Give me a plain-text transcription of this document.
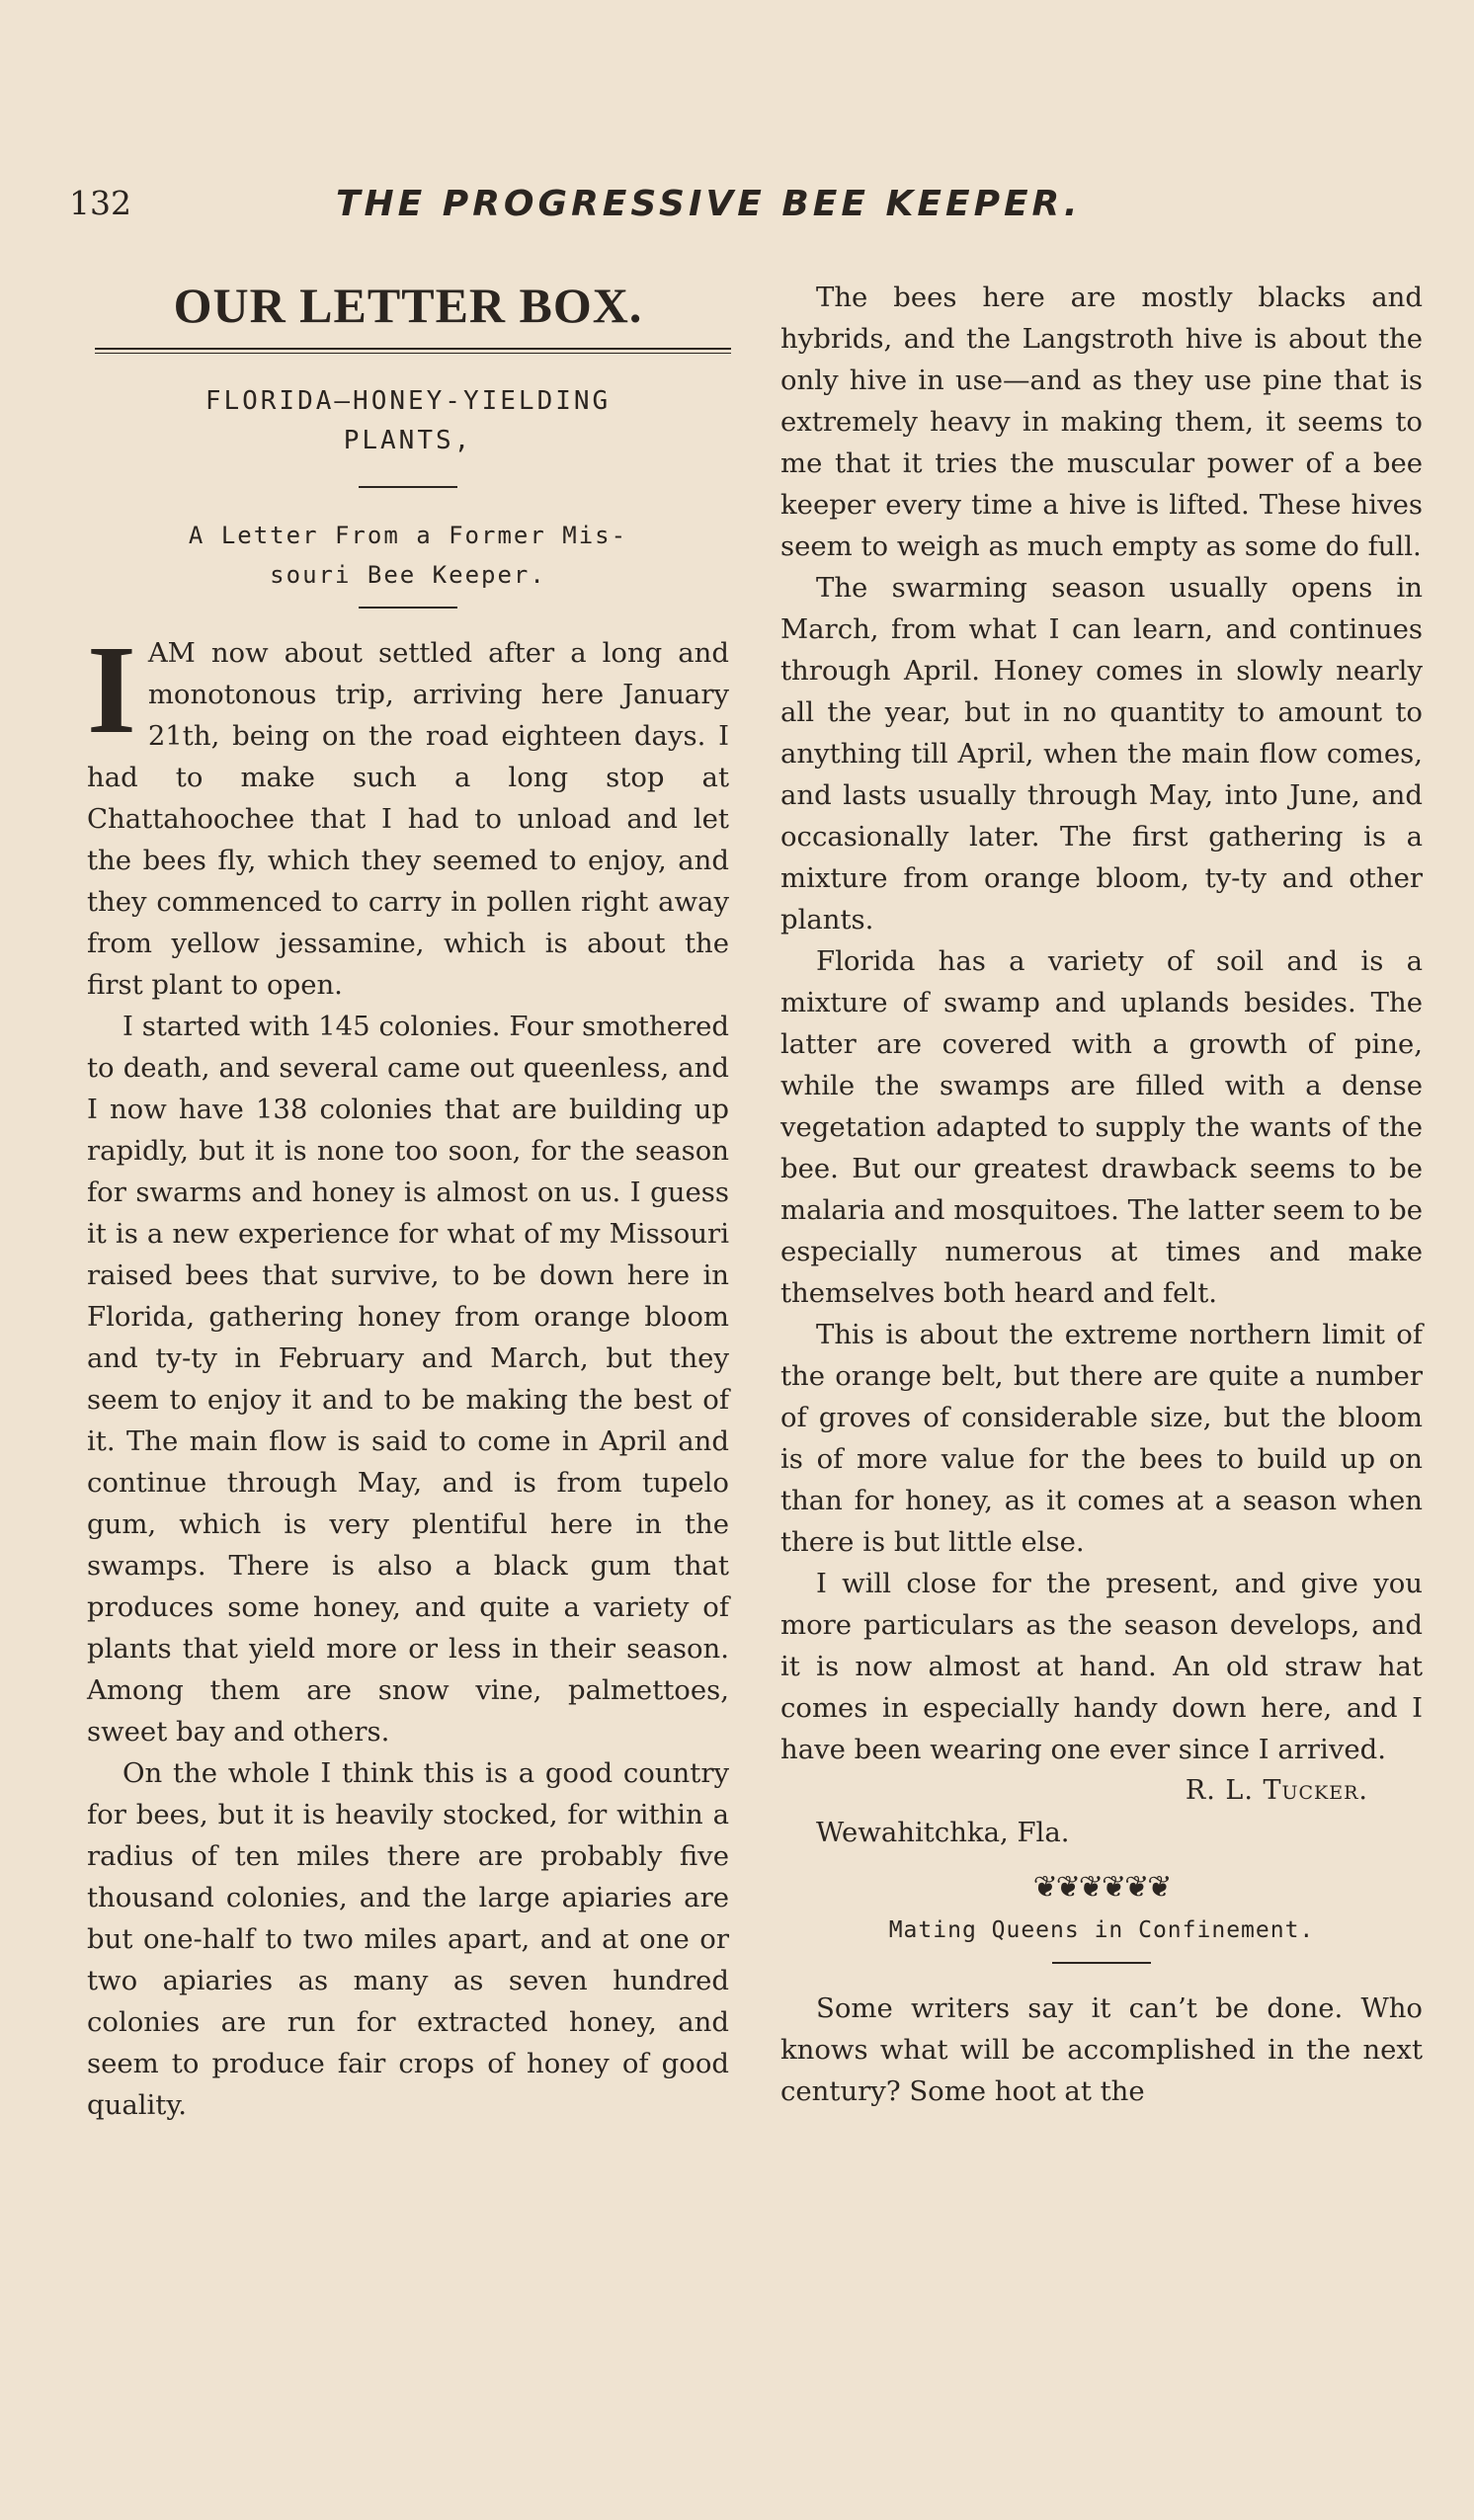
132	THE PROGRESSIVE BEE KEEPER.
OUR LETTER BOX.

FLORIDA—HONEY-YIELDING

PLANTS,

A Letter From a Former Mis-

souri Bee Keeper.

IAM now about settled after a long and monotonous trip, arriving here January 21th, being on the road eighteen days. I had to make such a long stop at Chattahoochee that I had to unload and let the bees fly, which they seemed to enjoy, and they commenced to carry in pollen right away from yellow jessamine, which is about the first plant to open.

I started with 145 colonies. Four smothered to death, and several came out queenless, and I now have 138 colonies that are building up rapidly, but it is none too soon, for the season for swarms and honey is almost on us. I guess it is a new experience for what of my Missouri raised bees that survive, to be down here in Florida, gathering honey from orange bloom and ty-ty in February and March, but they seem to enjoy it and to be making the best of it. The main flow is said to come in April and continue through May, and is from tupelo gum, which is very plentiful here in the swamps. There is also a black gum that produces some honey, and quite a variety of plants that yield more or less in their season. Among them are snow vine, palmettoes, sweet bay and others.

On the whole I think this is a good country for bees, but it is heavily stocked, for within a radius of ten miles there are probably five thousand colonies, and the large apiaries are but one-half to two miles apart, and at one or two apiaries as many as seven hundred colonies are run for extracted honey, and seem to produce fair crops of honey of good quality.

The bees here are mostly blacks and hybrids, and the Langstroth hive is about the only hive in use—and as they use pine that is extremely heavy in making them, it seems to me that it tries the muscular power of a bee keeper every time a hive is lifted. These hives seem to weigh as much empty as some do full.

The swarming season usually opens in March, from what I can learn, and continues through April. Honey comes in slowly nearly all the year, but in no quantity to amount to anything till April, when the main flow comes, and lasts usually through May, into June, and occasionally later. The first gathering is a mixture from orange bloom, ty-ty and other plants.

Florida has a variety of soil and is a mixture of swamp and uplands besides. The latter are covered with a growth of pine, while the swamps are filled with a dense vegetation adapted to supply the wants of the bee. But our greatest drawback seems to be malaria and mosquitoes. The latter seem to be especially numerous at times and make themselves both heard and felt.

This is about the extreme northern limit of the orange belt, but there are quite a number of groves of considerable size, but the bloom is of more value for the bees to build up on than for honey, as it comes at a season when there is but little else.

I will close for the present, and give you more particulars as the season develops, and it is now almost at hand. An old straw hat comes in especially handy down here, and I have been wearing one ever since I arrived.

R. L. Tucker.

Wewahitchka, Fla.

❦❦❦❦❦❦

Mating Queens in Confinement.

Some writers say it can’t be done. Who knows what will be accomplished in the next century? Some hoot at the
